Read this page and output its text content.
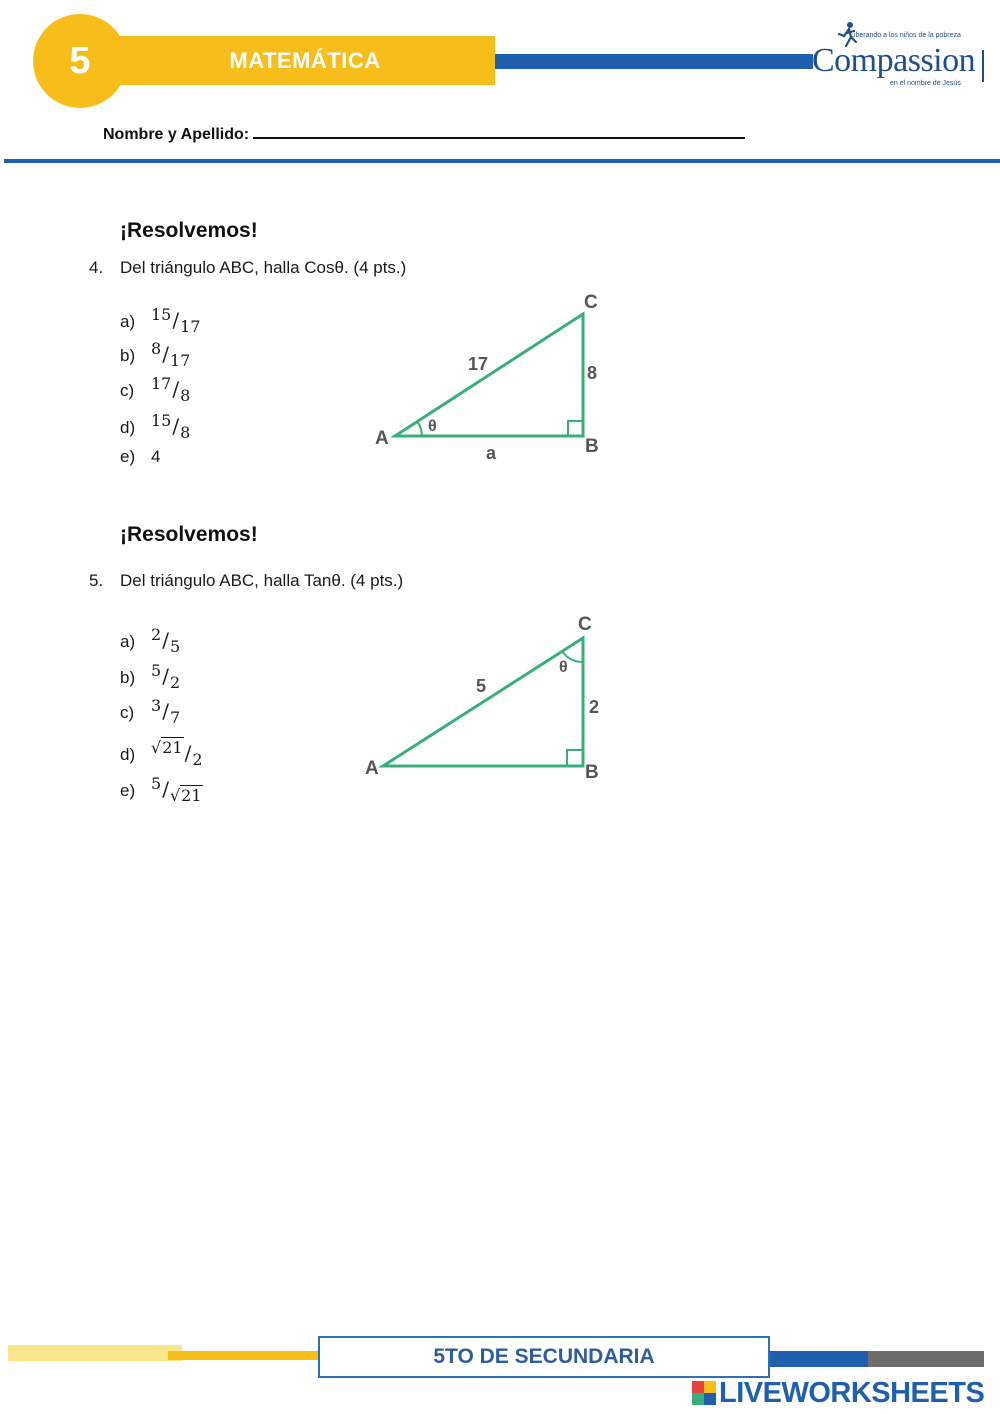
5	MATEMÁTICA
Liberando a los niños de la pobreza
Compassion
en el nombre de Jesús
Nombre y Apellido:
¡Resolvemos!
4. Del triángulo ABC, halla Cosθ. (4 pts.)
a) 15/17
b) 8/17
c) 17/8
d) 15/8
e) 4
A	B
C
17	8
a
θ
¡Resolvemos!
5. Del triángulo ABC, halla Tanθ. (4 pts.)
a) 2/5
b) 5/2
c) 3/7
d) √21 /2
e) 5/√21
A	B
C
5
2
θ
5TO DE SECUNDARIA
LIVEWORKSHEETS
